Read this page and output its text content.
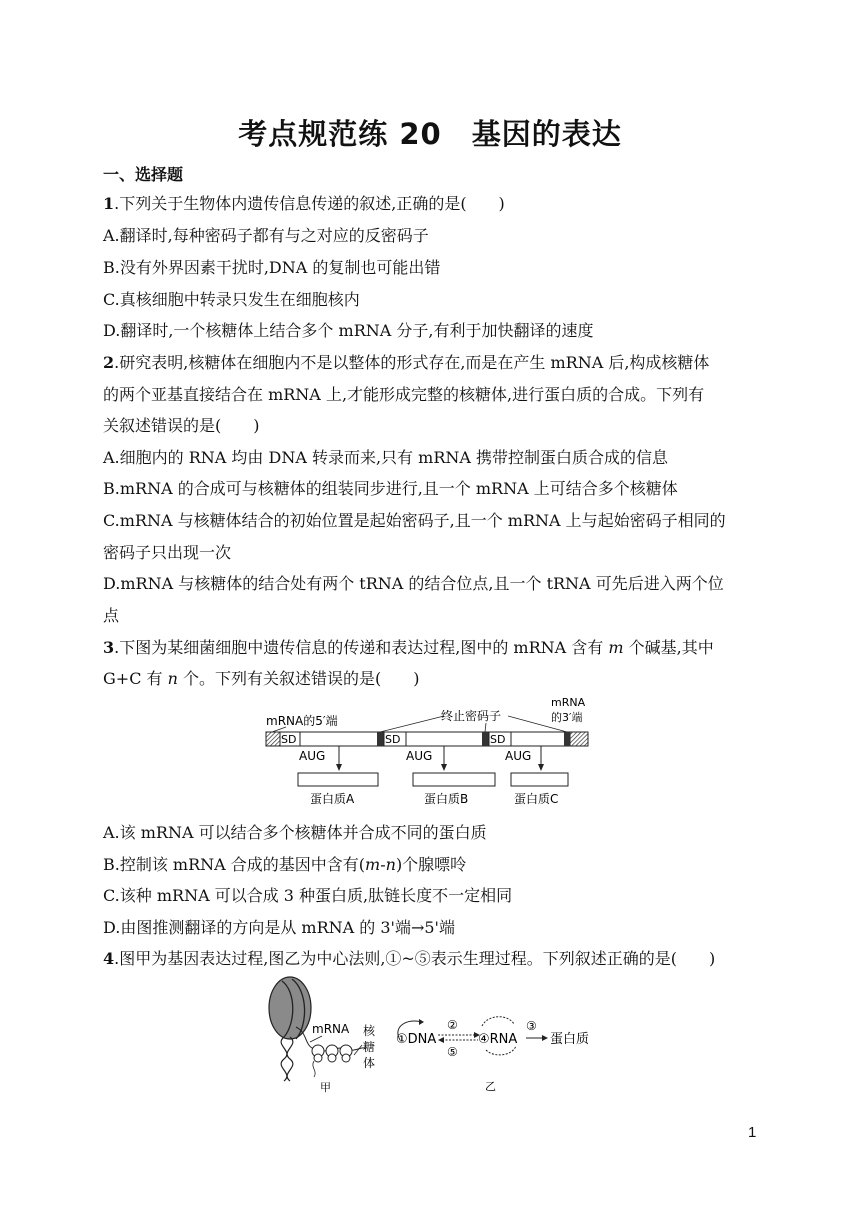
考点规范练 20　基因的表达
一、选择题
1.下列关于生物体内遗传信息传递的叙述,正确的是(　　)
A.翻译时,每种密码子都有与之对应的反密码子
B.没有外界因素干扰时,DNA 的复制也可能出错
C.真核细胞中转录只发生在细胞核内
D.翻译时,一个核糖体上结合多个 mRNA 分子,有利于加快翻译的速度
2.研究表明,核糖体在细胞内不是以整体的形式存在,而是在产生 mRNA 后,构成核糖体
的两个亚基直接结合在 mRNA 上,才能形成完整的核糖体,进行蛋白质的合成。下列有
关叙述错误的是(　　)
A.细胞内的 RNA 均由 DNA 转录而来,只有 mRNA 携带控制蛋白质合成的信息
B.mRNA 的合成可与核糖体的组装同步进行,且一个 mRNA 上可结合多个核糖体
C.mRNA 与核糖体结合的初始位置是起始密码子,且一个 mRNA 上与起始密码子相同的
密码子只出现一次
D.mRNA 与核糖体的结合处有两个 tRNA 的结合位点,且一个 tRNA 可先后进入两个位
点
3.下图为某细菌细胞中遗传信息的传递和表达过程,图中的 mRNA 含有 m 个碱基,其中
G+C 有 n 个。下列有关叙述错误的是(　　)
SD	SD	SD
mRNA的5′端	终止密码子
mRNA
的3′端
AUG	AUG	AUG
蛋白质A	蛋白质B	蛋白质C
A.该 mRNA 可以结合多个核糖体并合成不同的蛋白质
B.控制该 mRNA 合成的基因中含有(m-n)个腺嘌呤
C.该种 mRNA 可以合成 3 种蛋白质,肽链长度不一定相同
D.由图推测翻译的方向是从 mRNA 的 3'端→5'端
4.图甲为基因表达过程,图乙为中心法则,①~⑤表示生理过程。下列叙述正确的是(　　)
mRNA 核
糖
体
甲
①DNA
②
⑤
④RNA
③
蛋白质
乙
1
